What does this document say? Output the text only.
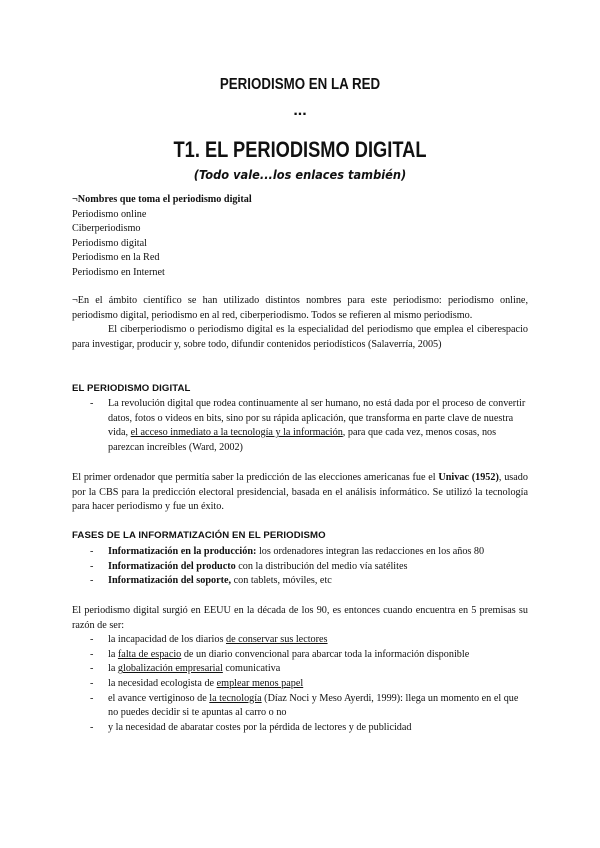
PERIODISMO EN LA RED
...
T1. EL PERIODISMO DIGITAL
(Todo vale...los enlaces también)

¬Nombres que toma el periodismo digital

Periodismo online

Ciberperiodismo

Periodismo digital

Periodismo en la Red

Periodismo en Internet

¬En el ámbito científico se han utilizado distintos nombres para este periodismo: periodismo online, periodismo digital, periodismo en al red, ciberperiodismo. Todos se refieren al mismo periodismo.

El ciberperiodismo o periodismo digital es la especialidad del periodismo que emplea el ciberespacio para investigar, producir y, sobre todo, difundir contenidos periodísticos (Salaverría, 2005)

EL PERIODISMO DIGITAL
- La revolución digital que rodea continuamente al ser humano, no está dada por el proceso de convertir datos, fotos o videos en bits, sino por su rápida aplicación, que transforma en parte clave de nuestra vida, el acceso inmediato a la tecnología y la información, para que cada vez, menos cosas, nos parezcan increíbles (Ward, 2002)

El primer ordenador que permitía saber la predicción de las elecciones americanas fue el Univac (1952), usado por la CBS para la predicción electoral presidencial, basada en el análisis informático. Se utilizó la tecnología para hacer periodismo y fue un éxito.

FASES DE LA INFORMATIZACIÓN EN EL PERIODISMO
- Informatización en la producción: los ordenadores integran las redacciones en los años 80
- Informatización del producto con la distribución del medio vía satélites
- Informatización del soporte, con tablets, móviles, etc

El periodismo digital surgió en EEUU en la década de los 90, es entonces cuando encuentra en 5 premisas su razón de ser:

- la incapacidad de los diarios de conservar sus lectores
- la falta de espacio de un diario convencional para abarcar toda la información disponible
- la globalización empresarial comunicativa
- la necesidad ecologista de emplear menos papel
- el avance vertiginoso de la tecnología (Díaz Noci y Meso Ayerdi, 1999): llega un momento en el que no puedes decidir si te apuntas al carro o no
- y la necesidad de abaratar costes por la pérdida de lectores y de publicidad
